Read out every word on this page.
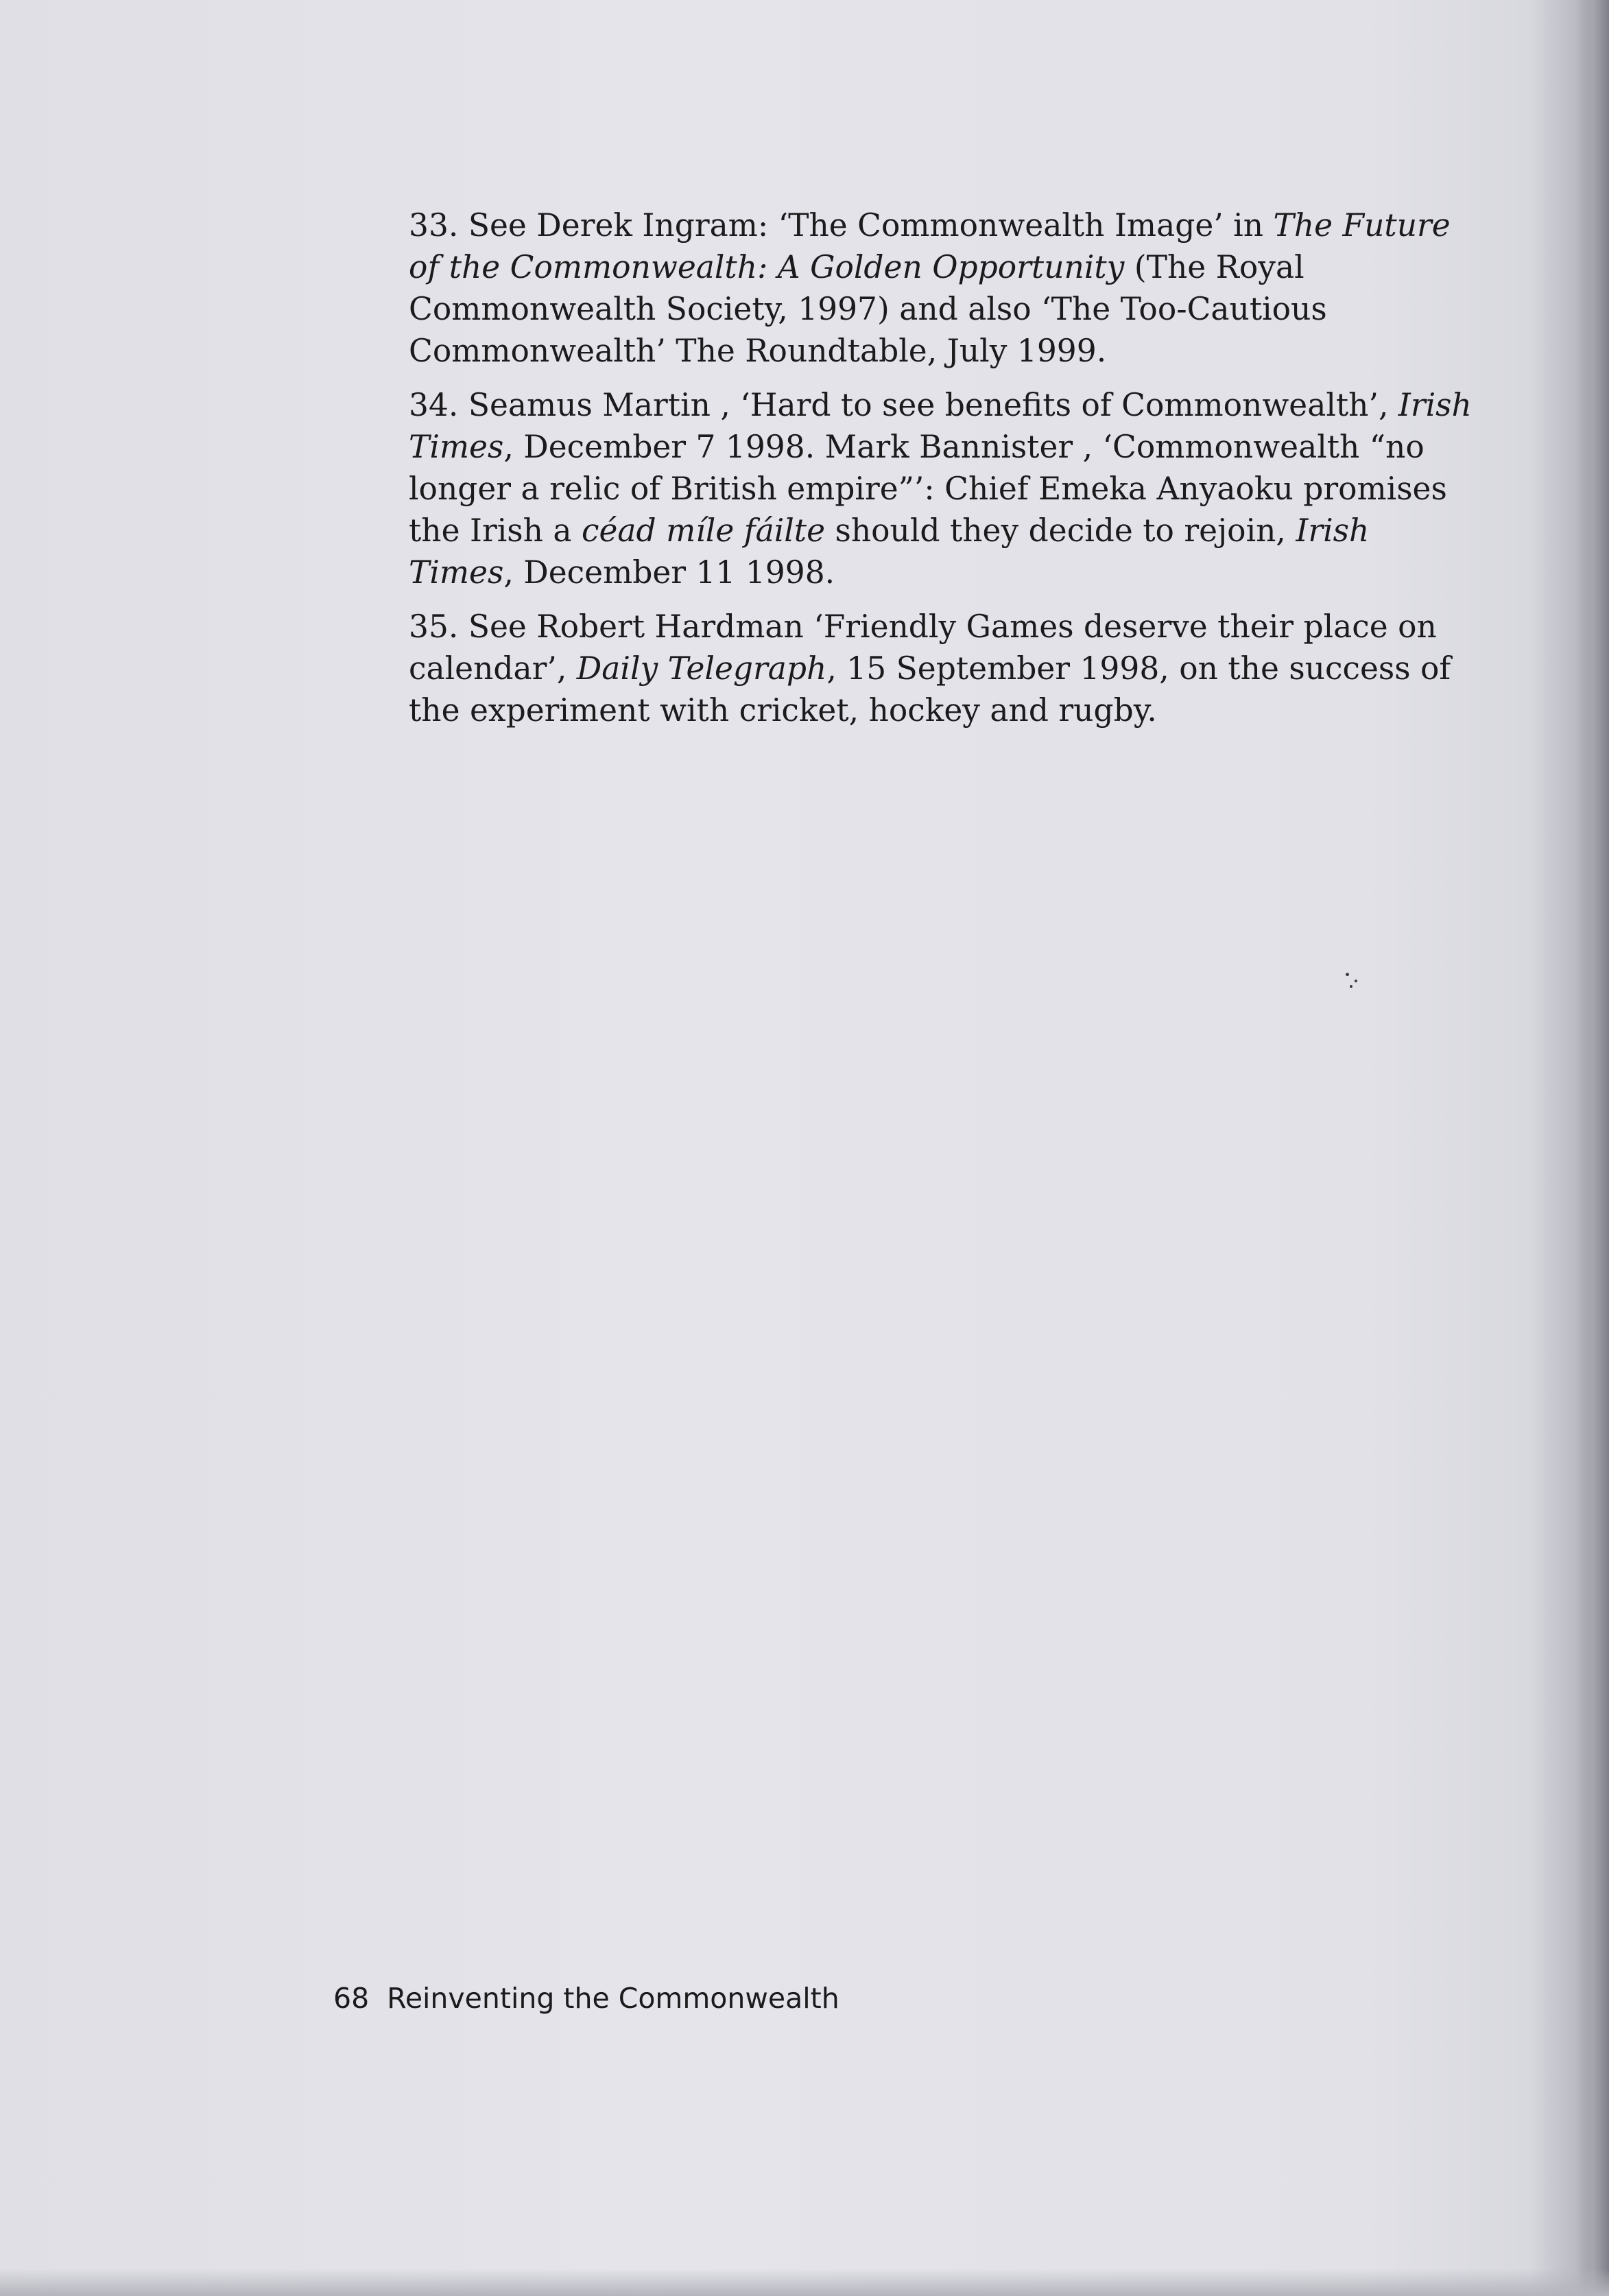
33. See Derek Ingram: ‘The Commonwealth Image’ in The Future of the Commonwealth: A Golden Opportunity (The Royal Commonwealth Society, 1997) and also ‘The Too-Cautious Commonwealth’ The Roundtable, July 1999.

34. Seamus Martin , ‘Hard to see benefits of Commonwealth’, Irish Times, December 7 1998. Mark Bannister , ‘Commonwealth “no longer a relic of British empire”’: Chief Emeka Anyaoku promises the Irish a céad míle fáilte should they decide to rejoin, Irish Times, December 11 1998.

35. See Robert Hardman ‘Friendly Games deserve their place on calendar’, Daily Telegraph, 15 September 1998, on the success of the experiment with cricket, hockey and rugby.

68 Reinventing the Commonwealth
